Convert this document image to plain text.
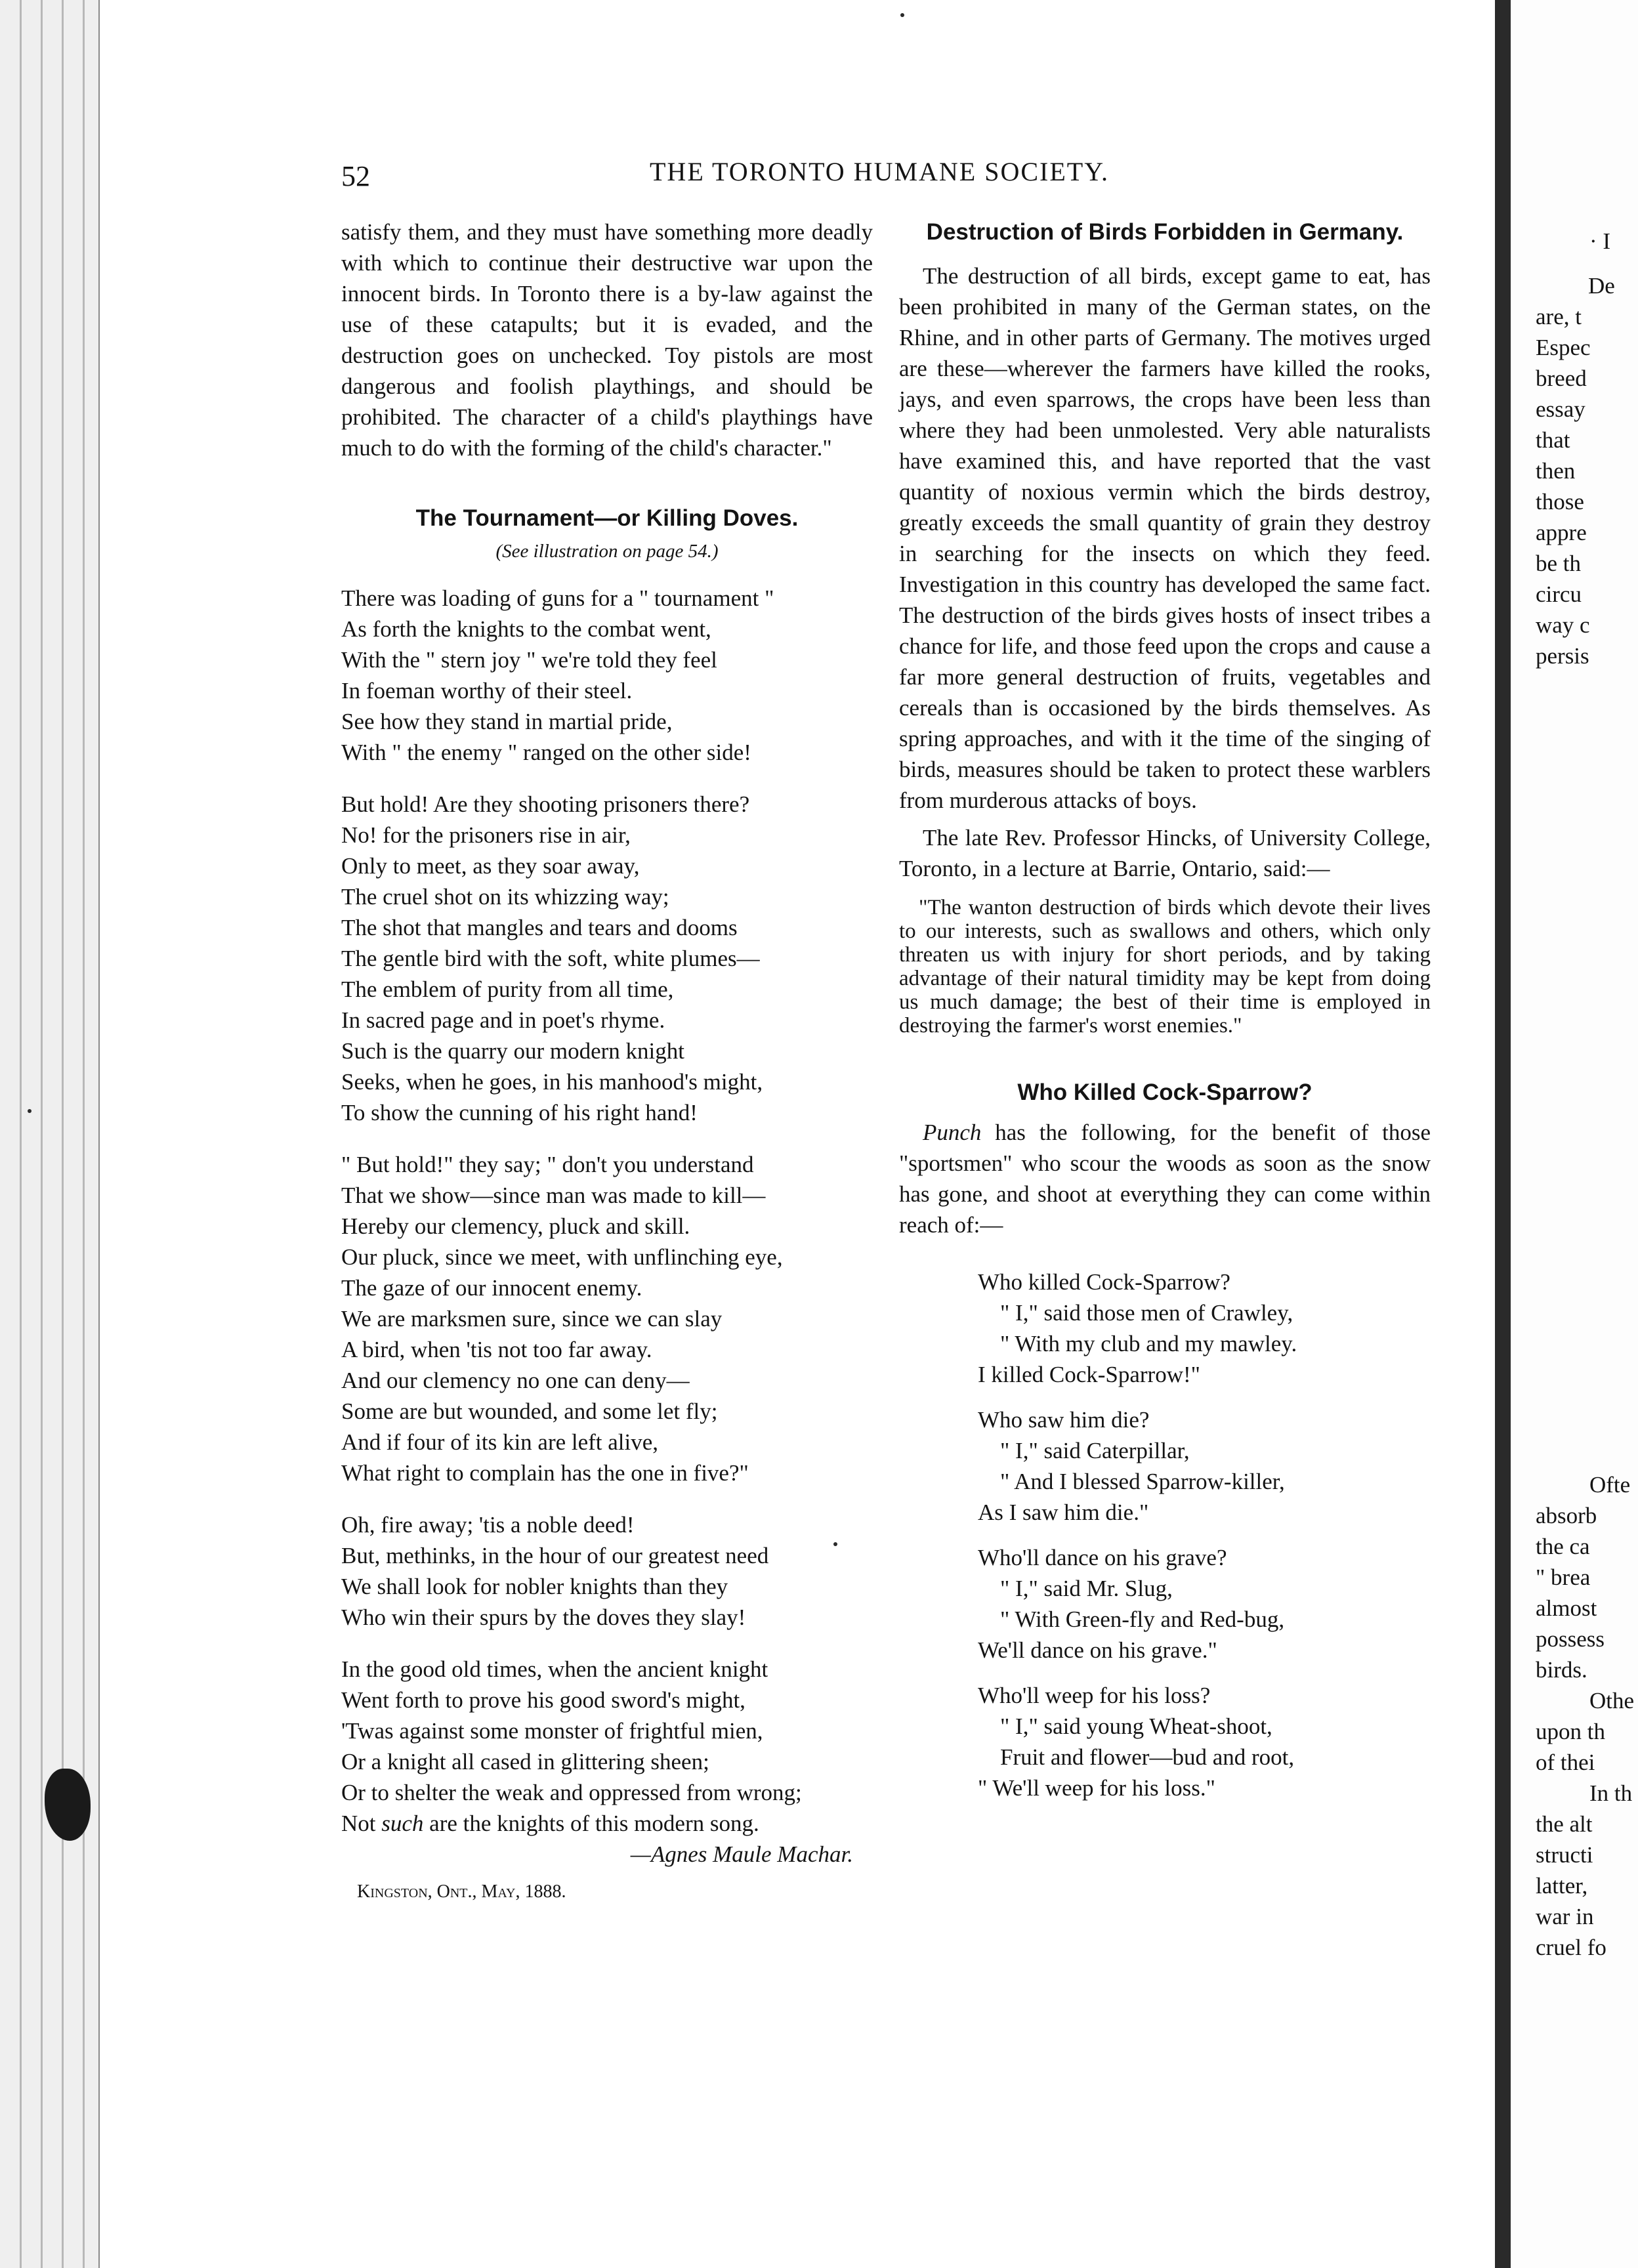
52	THE TORONTO HUMANE SOCIETY.

satisfy them, and they must have something more deadly with which to continue their destructive war upon the innocent birds. In Toronto there is a by-law against the use of these catapults; but it is evaded, and the destruction goes on unchecked. Toy pistols are most dangerous and foolish playthings, and should be prohibited. The character of a child's playthings have much to do with the forming of the child's character."

The Tournament—or Killing Doves.

(See illustration on page 54.)

There was loading of guns for a " tournament "

As forth the knights to the combat went,

With the " stern joy " we're told they feel

In foeman worthy of their steel.

See how they stand in martial pride,

With " the enemy " ranged on the other side!

But hold! Are they shooting prisoners there?

No! for the prisoners rise in air,

Only to meet, as they soar away,

The cruel shot on its whizzing way;

The shot that mangles and tears and dooms

The gentle bird with the soft, white plumes—

The emblem of purity from all time,

In sacred page and in poet's rhyme.

Such is the quarry our modern knight

Seeks, when he goes, in his manhood's might,

To show the cunning of his right hand!

" But hold!" they say; " don't you understand

That we show—since man was made to kill—

Hereby our clemency, pluck and skill.

Our pluck, since we meet, with unflinching eye,

The gaze of our innocent enemy.

We are marksmen sure, since we can slay

A bird, when 'tis not too far away.

And our clemency no one can deny—

Some are but wounded, and some let fly;

And if four of its kin are left alive,

What right to complain has the one in five?"

Oh, fire away; 'tis a noble deed!

But, methinks, in the hour of our greatest need

We shall look for nobler knights than they

Who win their spurs by the doves they slay!

In the good old times, when the ancient knight

Went forth to prove his good sword's might,

'Twas against some monster of frightful mien,

Or a knight all cased in glittering sheen;

Or to shelter the weak and oppressed from wrong;

Not such are the knights of this modern song.

—Agnes Maule Machar.

Kingston, Ont., May, 1888.

Destruction of Birds Forbidden in Germany.

The destruction of all birds, except game to eat, has been prohibited in many of the German states, on the Rhine, and in other parts of Germany. The motives urged are these—wherever the farmers have killed the rooks, jays, and even sparrows, the crops have been less than where they had been unmolested. Very able naturalists have examined this, and have reported that the vast quantity of noxious vermin which the birds destroy, greatly exceeds the small quantity of grain they destroy in searching for the insects on which they feed. Investigation in this country has developed the same fact. The destruction of the birds gives hosts of insect tribes a chance for life, and those feed upon the crops and cause a far more general destruction of fruits, vegetables and cereals than is occasioned by the birds themselves. As spring approaches, and with it the time of the singing of birds, measures should be taken to protect these warblers from murderous attacks of boys.

The late Rev. Professor Hincks, of University College, Toronto, in a lecture at Barrie, Ontario, said:—

"The wanton destruction of birds which devote their lives to our interests, such as swallows and others, which only threaten us with injury for short periods, and by taking advantage of their natural timidity may be kept from doing us much damage; the best of their time is employed in destroying the farmer's worst enemies."

Who Killed Cock-Sparrow?

Punch has the following, for the benefit of those "sportsmen" who scour the woods as soon as the snow has gone, and shoot at everything they can come within reach of:—

Who killed Cock-Sparrow?

" I," said those men of Crawley,

" With my club and my mawley.

I killed Cock-Sparrow!"

Who saw him die?

" I," said Caterpillar,

" And I blessed Sparrow-killer,

As I saw him die."

Who'll dance on his grave?

" I," said Mr. Slug,

" With Green-fly and Red-bug,

We'll dance on his grave."

Who'll weep for his loss?

" I," said young Wheat-shoot,

Fruit and flower—bud and root,

" We'll weep for his loss."

· I
De
are, t
Espec
breed
essay
that
then
those
appre
be th
circu
way c
persis
Ofte
absorb
the ca
" brea
almost
possess
birds.
Othe
upon th
of thei
In th
the alt
structi
latter,
war in
cruel fo
